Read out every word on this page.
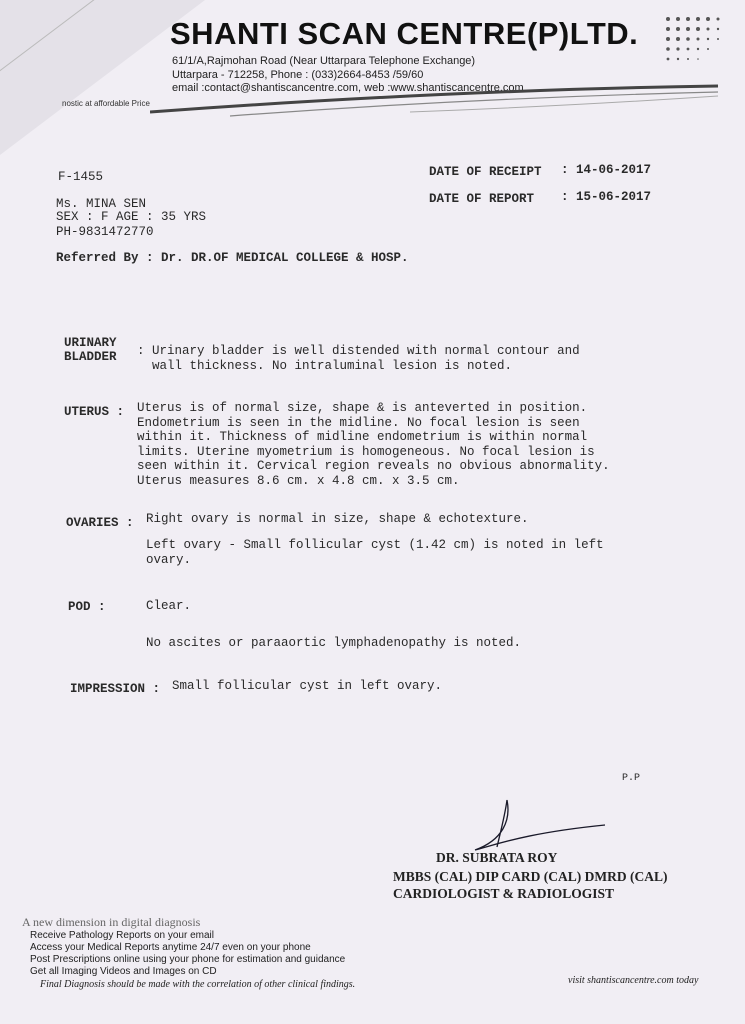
SHANTI SCAN CENTRE(P)LTD.
61/1/A,Rajmohan Road (Near Uttarpara Telephone Exchange)
Uttarpara - 712258, Phone : (033)2664-8453 /59/60
email :contact@shantiscancentre.com, web :www.shantiscancentre.com
nostic at affordable Price
F-1455
Ms. MINA SEN
SEX : F AGE : 35 YRS
PH-9831472770
Referred By : Dr. DR.OF MEDICAL COLLEGE & HOSP.
DATE OF RECEIPT : 14-06-2017
DATE OF REPORT : 15-06-2017
URINARY
BLADDER : Urinary bladder is well distended with normal contour and
wall thickness. No intraluminal lesion is noted.
UTERUS : Uterus is of normal size, shape & is anteverted in position.
Endometrium is seen in the midline. No focal lesion is seen
within it. Thickness of midline endometrium is within normal
limits. Uterine myometrium is homogeneous. No focal lesion is
seen within it. Cervical region reveals no obvious abnormality.
Uterus measures 8.6 cm. x 4.8 cm. x 3.5 cm.
OVARIES : Right ovary is normal in size, shape & echotexture.
Left ovary - Small follicular cyst (1.42 cm) is noted in left
ovary.
POD :	Clear.
No ascites or paraaortic lymphadenopathy is noted.
IMPRESSION : Small follicular cyst in left ovary.
P.P
DR. SUBRATA ROY
MBBS (CAL) DIP CARD (CAL) DMRD (CAL)
CARDIOLOGIST & RADIOLOGIST
A new dimension in digital diagnosis
Receive Pathology Reports on your email
Access your Medical Reports anytime 24/7 even on your phone
Post Prescriptions online using your phone for estimation and guidance
Get all Imaging Videos and Images on CD
Final Diagnosis should be made with the correlation of other clinical findings.	visit shantiscancentre.com today
